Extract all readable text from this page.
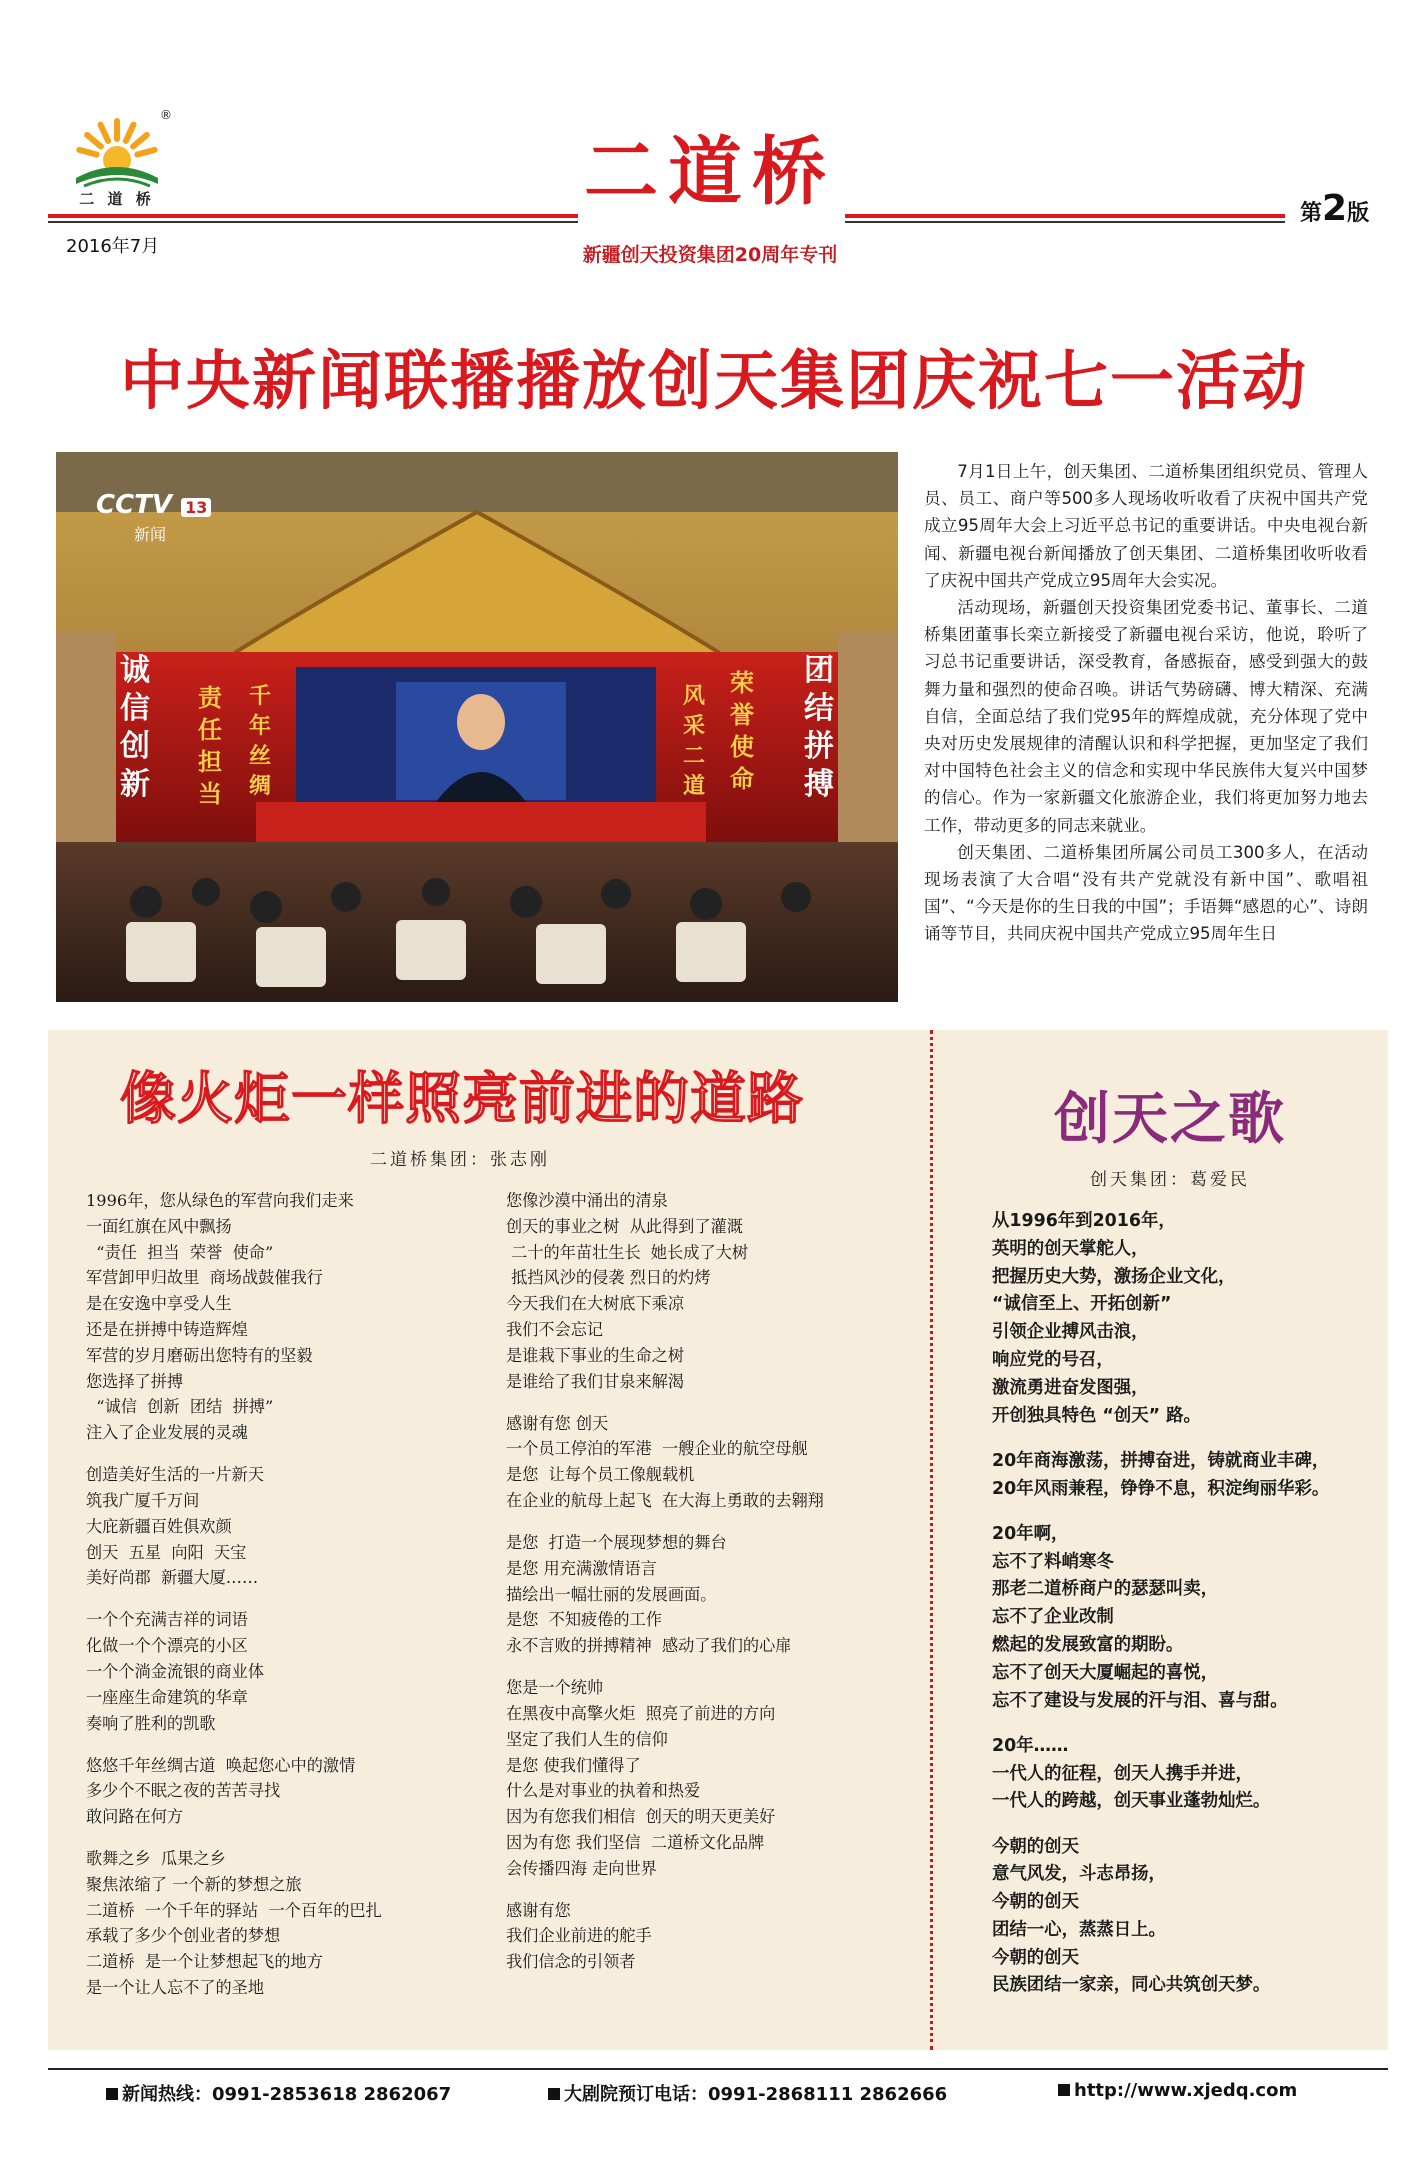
®
二 道 桥
2016年7月
二道桥
新疆创天投资集团20周年专刊
第2版
中央新闻联播播放创天集团庆祝七一活动
CCTV 13
新闻
诚
信
创
新
责
任
担
当
千
年
丝
绸
团
结
拼
搏
荣
誉
使
命
风
采
二
道

7月1日上午，创天集团、二道桥集团组织党员、管理人员、员工、商户等500多人现场收听收看了庆祝中国共产党成立95周年大会上习近平总书记的重要讲话。中央电视台新闻、新疆电视台新闻播放了创天集团、二道桥集团收听收看了庆祝中国共产党成立95周年大会实况。

活动现场，新疆创天投资集团党委书记、董事长、二道桥集团董事长栾立新接受了新疆电视台采访，他说，聆听了习总书记重要讲话，深受教育，备感振奋，感受到强大的鼓舞力量和强烈的使命召唤。讲话气势磅礴、博大精深、充满自信，全面总结了我们党95年的辉煌成就，充分体现了党中央对历史发展规律的清醒认识和科学把握，更加坚定了我们对中国特色社会主义的信念和实现中华民族伟大复兴中国梦的信心。作为一家新疆文化旅游企业，我们将更加努力地去工作，带动更多的同志来就业。

创天集团、二道桥集团所属公司员工300多人，在活动现场表演了大合唱“没有共产党就没有新中国”、歌唱祖国”、“今天是你的生日我的中国”；手语舞“感恩的心”、诗朗诵等节目，共同庆祝中国共产党成立95周年生日

像火炬一样照亮前进的道路
二道桥集团：张志刚
1996年，您从绿色的军营向我们走来
一面红旗在风中飘扬
“责任  担当  荣誉  使命”
军营卸甲归故里  商场战鼓催我行
是在安逸中享受人生
还是在拼搏中铸造辉煌
军营的岁月磨砺出您特有的坚毅
您选择了拼搏
“诚信  创新  团结  拼搏”
注入了企业发展的灵魂
创造美好生活的一片新天
筑我广厦千万间
大庇新疆百姓俱欢颜
创天  五星  向阳  天宝
美好尚郡  新疆大厦……
一个个充满吉祥的词语
化做一个个漂亮的小区
一个个淌金流银的商业体
一座座生命建筑的华章
奏响了胜利的凯歌
悠悠千年丝绸古道  唤起您心中的激情
多少个不眠之夜的苦苦寻找
敢问路在何方
歌舞之乡  瓜果之乡
聚焦浓缩了 一个新的梦想之旅
二道桥  一个千年的驿站  一个百年的巴扎
承载了多少个创业者的梦想
二道桥  是一个让梦想起飞的地方
是一个让人忘不了的圣地
您像沙漠中涌出的清泉
创天的事业之树  从此得到了灌溉
二十的年苗壮生长  她长成了大树
抵挡风沙的侵袭 烈日的灼烤
今天我们在大树底下乘凉
我们不会忘记
是谁栽下事业的生命之树
是谁给了我们甘泉来解渴
感谢有您 创天
一个员工停泊的军港  一艘企业的航空母舰
是您  让每个员工像舰载机
在企业的航母上起飞  在大海上勇敢的去翱翔
是您  打造一个展现梦想的舞台
是您 用充满激情语言
描绘出一幅壮丽的发展画面。
是您  不知疲倦的工作
永不言败的拼搏精神  感动了我们的心扉
您是一个统帅
在黑夜中高擎火炬  照亮了前进的方向
坚定了我们人生的信仰
是您 使我们懂得了
什么是对事业的执着和热爱
因为有您我们相信  创天的明天更美好
因为有您 我们坚信  二道桥文化品牌
会传播四海 走向世界
感谢有您
我们企业前进的舵手
我们信念的引领者
创天之歌
创天集团：葛爱民
从1996年到2016年，
英明的创天掌舵人，
把握历史大势，激扬企业文化，
“诚信至上、开拓创新”
引领企业搏风击浪，
响应党的号召，
激流勇进奋发图强，
开创独具特色 “创天” 路。
20年商海激荡，拼搏奋进，铸就商业丰碑，
20年风雨兼程，铮铮不息，积淀绚丽华彩。
20年啊，
忘不了料峭寒冬
那老二道桥商户的瑟瑟叫卖，
忘不了企业改制
燃起的发展致富的期盼。
忘不了创天大厦崛起的喜悦，
忘不了建设与发展的汗与泪、喜与甜。
20年……
一代人的征程，创天人携手并进，
一代人的跨越，创天事业蓬勃灿烂。
今朝的创天
意气风发，斗志昂扬，
今朝的创天
团结一心，蒸蒸日上。
今朝的创天
民族团结一家亲，同心共筑创天梦。
新闻热线：0991-2853618 2862067	大剧院预订电话：0991-2868111 2862666	http://www.xjedq.com
